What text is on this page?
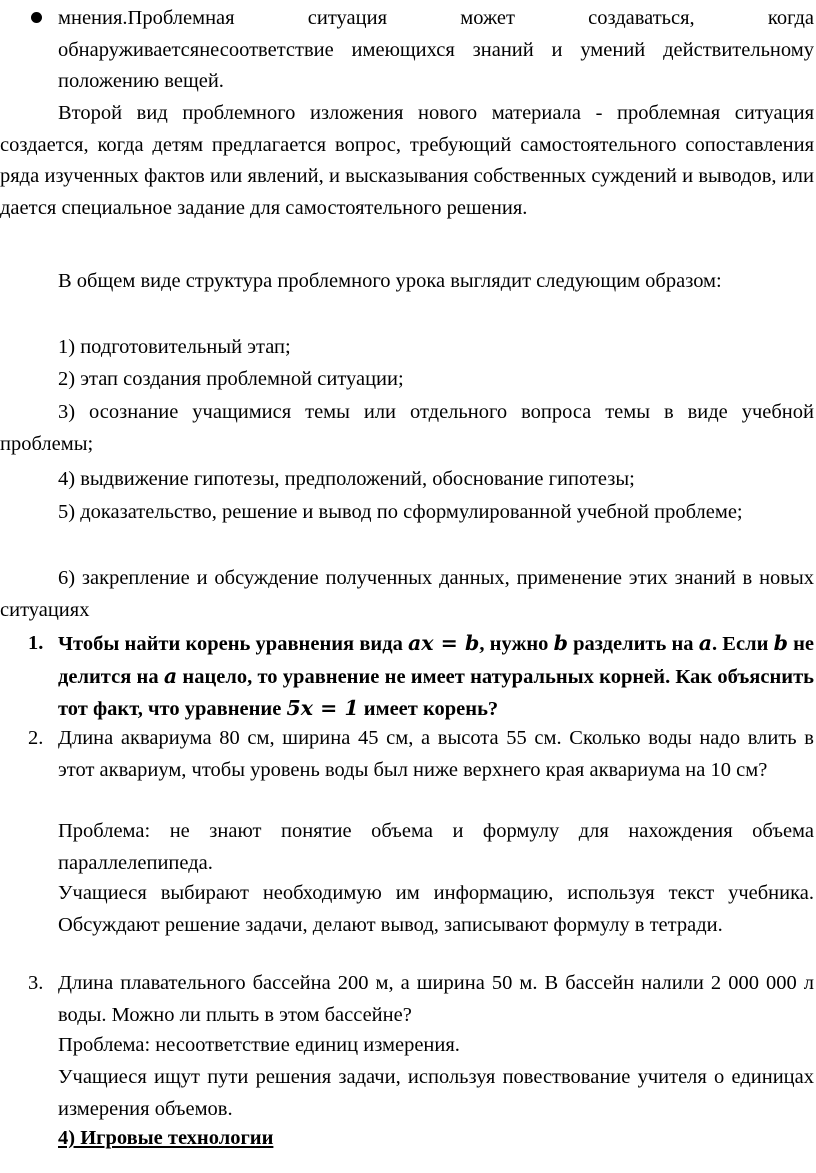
мнения.Проблемная ситуация может создаваться, когда обнаруживаетсянесоответствие имеющихся знаний и умений действительному положению вещей.

Второй вид проблемного изложения нового материала - проблемная ситуация создается, когда детям предлагается вопрос, требующий самостоятельного сопоставления ряда изученных фактов или явлений, и высказывания собственных суждений и выводов, или дается специальное задание для самостоятельного решения.

В общем виде структура проблемного урока выглядит следующим образом:

1) подготовительный этап;

2) этап создания проблемной ситуации;

3) осознание учащимися темы или отдельного вопроса темы в виде учебной проблемы;

4) выдвижение гипотезы, предположений, обоснование гипотезы;

5) доказательство, решение и вывод по сформулированной учебной проблеме;

6) закрепление и обсуждение полученных данных, применение этих знаний в новых ситуациях

1. Чтобы найти корень уравнения вида ax = b, нужно b разделить на a. Если b не делится на a нацело, то уравнение не имеет натуральных корней. Как объяснить тот факт, что уравнение 5x = 1 имеет корень?
2. Длина аквариума 80 см, ширина 45 см, а высота 55 см. Сколько воды надо влить в этот аквариум, чтобы уровень воды был ниже верхнего края аквариума на 10 см?

Проблема: не знают понятие объема и формулу для нахождения объема параллелепипеда.

Учащиеся выбирают необходимую им информацию, используя текст учебника. Обсуждают решение задачи, делают вывод, записывают формулу в тетради.

3. Длина плавательного бассейна 200 м, а ширина 50 м. В бассейн налили 2 000 000 л воды. Можно ли плыть в этом бассейне?

Проблема: несоответствие единиц измерения.

Учащиеся ищут пути решения задачи, используя повествование учителя о единицах измерения объемов.

4) Игровые технологии
